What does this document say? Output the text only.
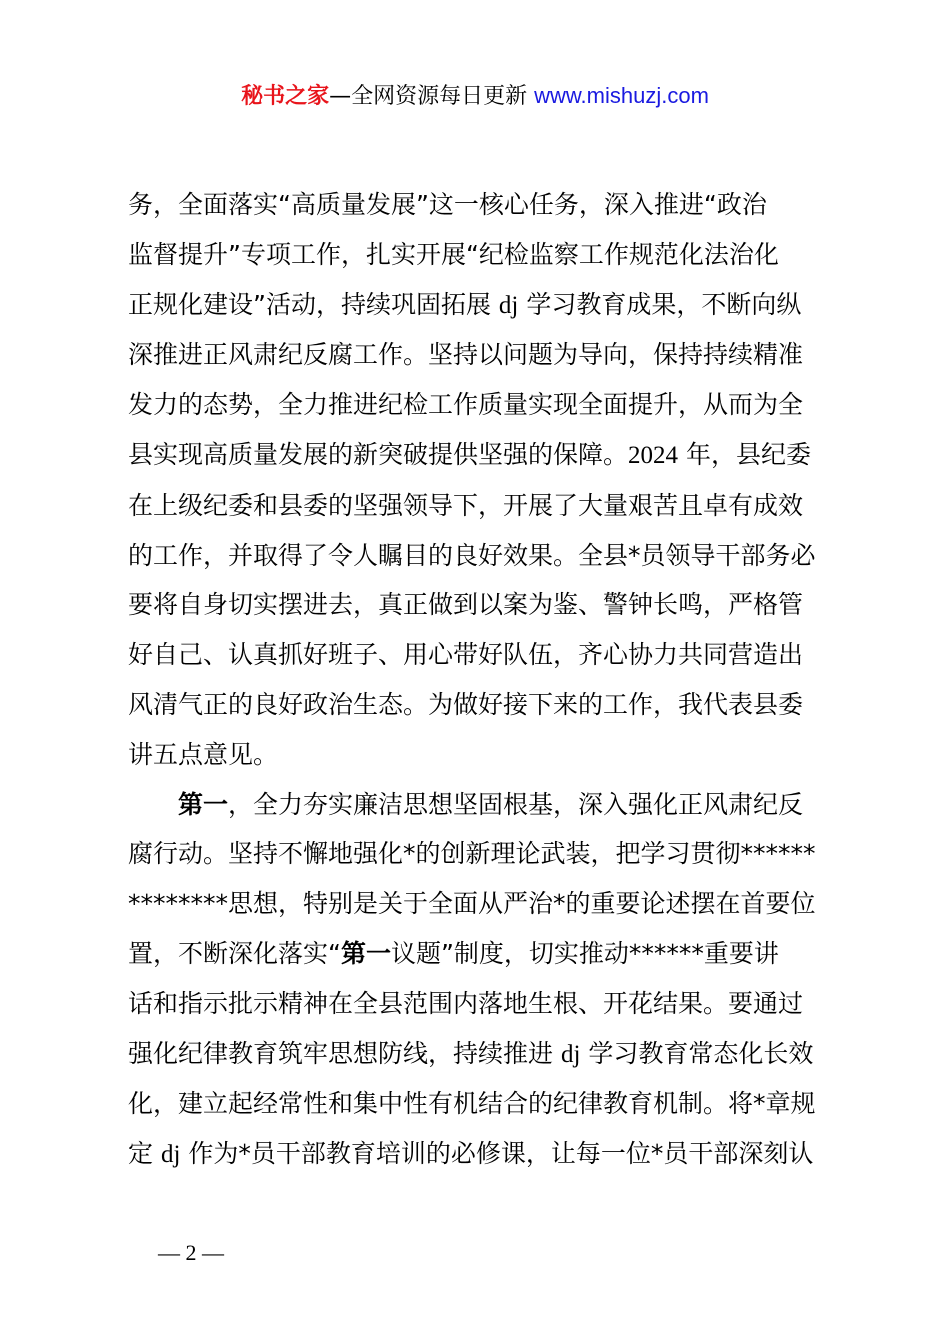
秘书之家—全网资源每日更新 www.mishuzj.com

务，全面落实“高质量发展”这一核心任务，深入推进“政治
监督提升”专项工作，扎实开展“纪检监察工作规范化法治化
正规化建设”活动，持续巩固拓展 dj 学习教育成果，不断向纵
深推进正风肃纪反腐工作。坚持以问题为导向，保持持续精准
发力的态势，全力推进纪检工作质量实现全面提升，从而为全
县实现高质量发展的新突破提供坚强的保障。2024 年，县纪委
在上级纪委和县委的坚强领导下，开展了大量艰苦且卓有成效
的工作，并取得了令人瞩目的良好效果。全县*员领导干部务必
要将自身切实摆进去，真正做到以案为鉴、警钟长鸣，严格管
好自己、认真抓好班子、用心带好队伍，齐心协力共同营造出
风清气正的良好政治生态。为做好接下来的工作，我代表县委
讲五点意见。

第一，全力夯实廉洁思想坚固根基，深入强化正风肃纪反
腐行动。坚持不懈地强化*的创新理论武装，把学习贯彻******
********思想，特别是关于全面从严治*的重要论述摆在首要位
置，不断深化落实“第一议题”制度，切实推动******重要讲
话和指示批示精神在全县范围内落地生根、开花结果。要通过
强化纪律教育筑牢思想防线，持续推进 dj 学习教育常态化长效
化，建立起经常性和集中性有机结合的纪律教育机制。将*章规
定 dj 作为*员干部教育培训的必修课，让每一位*员干部深刻认

— 2 —
